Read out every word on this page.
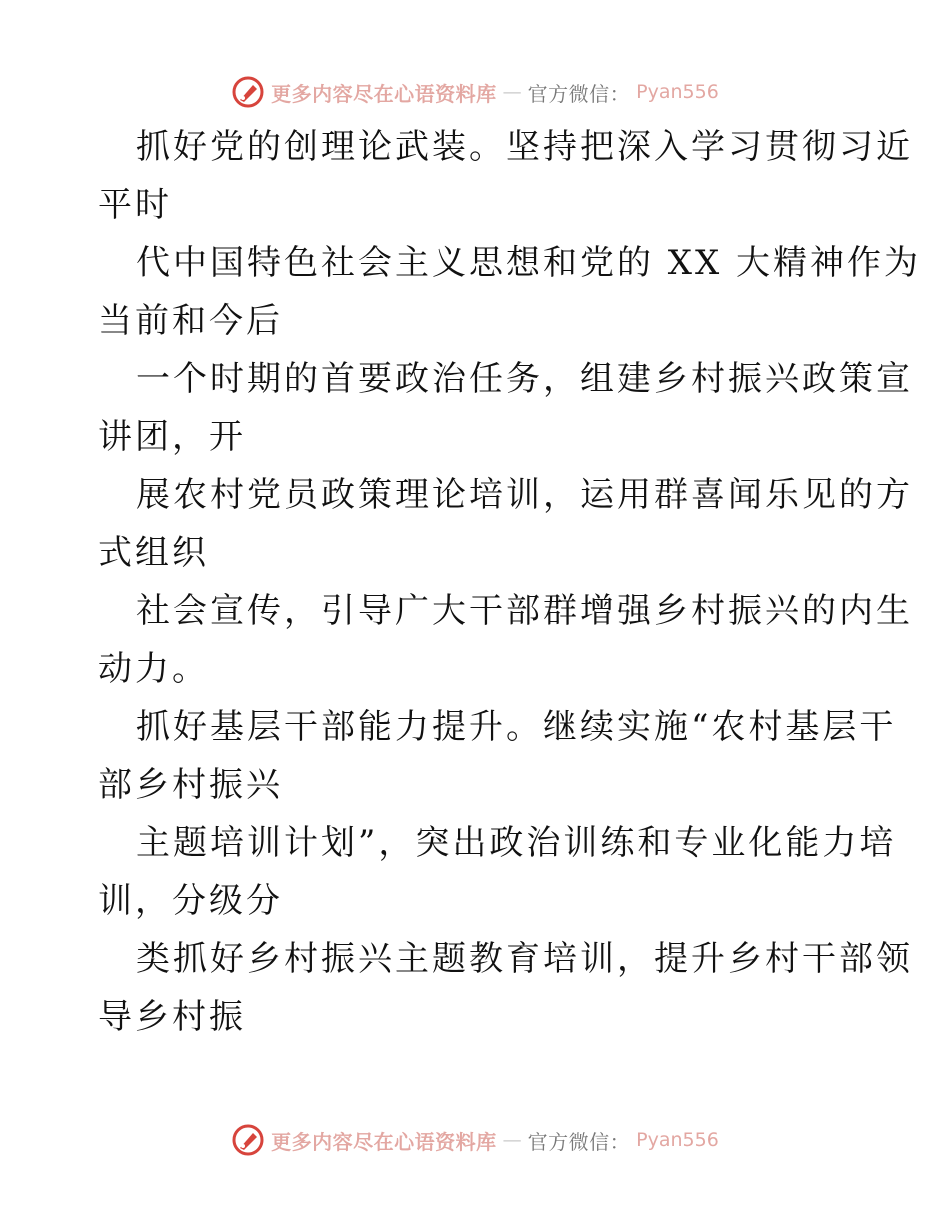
更多内容尽在心语资料库 — 官方微信： Pyan556
抓好党的创理论武装。坚持把深入学习贯彻习近
平时
代中国特色社会主义思想和党的 XX 大精神作为
当前和今后
一个时期的首要政治任务，组建乡村振兴政策宣
讲团，开
展农村党员政策理论培训，运用群喜闻乐见的方
式组织
社会宣传，引导广大干部群增强乡村振兴的内生
动力。
抓好基层干部能力提升。继续实施“农村基层干
部乡村振兴
主题培训计划”，突出政治训练和专业化能力培
训，分级分
类抓好乡村振兴主题教育培训，提升乡村干部领
导乡村振
更多内容尽在心语资料库 — 官方微信： Pyan556
